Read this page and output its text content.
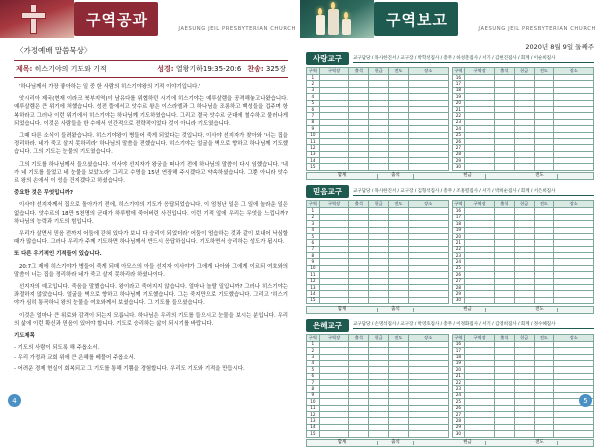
구역공과
JAESUNG JEIL PRESBYTERIAN CHURCH
〈가정예배 말씀묵상〉
제목: 히스기야의 기도와 기적	성경: 열왕기하19:35-20:6 찬송: 325장

'하나님께서 가장 좋아하는 일 중 한 사람의 히스기야왕의 기적 이야기입니다.'

앗시리아 제국(현재 이라크 북부지역)이 남유다를 위협하던 시기에 히스기야는 예루살렘을 공격해놓고나왔습니다. 예루살렘은 큰 위기에 처했습니다. 성전 뜰에서고 앗수르 왕은 이스라엘과 그 하나님을 조롱하고 백성들을 겁주며 항복하라고 그러나 이런 위기에서 히스기야는 하나님께 기도하였습니다. 그리고 결국 앗수르 군대에 철수하고 물러나게 되었습니다. 이것은 사람들을 한 수에서 인간적으로 전략적이었다 것이 아니라 기도였습니다.

그때 다른 소식이 들려왔습니다. 히스기야왕이 병들어 죽게 되었다는 것입니다. 이사야 선지자가 찾아와 '너는 집을 정리하라. 네가 죽고 살지 못하리라' 하나님의 말씀을 전했습니다. 히스기야는 얼굴을 벽으로 향하고 하나님께 기도했습니다. 그의 기도는 눈물의 기도였습니다.

그의 기도를 하나님께서 들으셨습니다. 이사야 선지자가 왕궁을 떠나기 전에 하나님의 말씀이 다시 임했습니다. '내가 네 기도를 들었고 네 눈물을 보았노라' 그리고 수명을 15년 연장해 주시겠다고 약속하셨습니다. 그뿐 아니라 앗수르 왕의 손에서 이 성을 건지겠다고 하셨습니다.

중요한 것은 무엇입니까?

이사야 선지자께서 집으로 돌아가기 전에, 히스기야의 기도가 응답되었습니다. 이 엄청난 일은 그 일에 놀라운 일은 없습니다. 앗수르의 18만 5천명의 군대가 하루밤에 죽어버린 사건입니다. 이런 기적 앞에 우리는 무엇을 느낍니까? 하나님의 능력과 기도의 힘입니다.

우리가 살면서 믿음 전까지 어둠에 갇혀 있다가 보니 다 승리이 되었더라' 어둠이 엄습하는 것과 같이 보내어 낙심할 때가 많습니다. 그러나 우리가 주께 기도하면 하나님께서 반드시 응답하십니다. 기도하면서 승리하는 성도가 됩시다.

또 다른 우기적인 기적들이 있습니다.

20:7그 제에 히스기야가 병들어 죽게 되매 아모스의 아들 선지자 이사야가 그에게 나아와 그에게 이르되 여호와의 말씀이 너는 집을 정리하라 네가 죽고 살지 못하리라 하셨나이다.

선지자의 예고입니다. 죽음을 말했습니다. 왕이라고 죽어지지 않습니다. 얼마나 놀랄 일입니까? 그러나 히스기야는 좌절하지 않았습니다. 얼굴을 벽으로 향하고 하나님께 기도했습니다. 그는 죽지만으로 기도했습니다. 그리고 '히스기야가 심히 통곡하니 왕의 눈물을 여호와께서 보셨습니다. 그 기도를 들으셨습니다.

이것은 얼마나 큰 위로와 감격이 되는지 모릅니다. 하나님은 우리의 기도를 들으시고 눈물을 보시는 분입니다. 우리의 삶에 이런 확신과 믿음이 있어야 합니다. 기도로 승리하는 삶이 되시기를 바랍니다.

기도제목

- 기도의 사람이 되도록 해 주옵소서.

- 우리 가정과 교회 위에 큰 은혜를 베풀어 주옵소서.

- 어려운 경제 현실이 회복되고 그 기도를 통해 기쁨을 경험합니다. 우리도 기도와 기적을 만듭시다.

4
구역보고
JAESUNG JEIL PRESBYTERIAN CHURCH
2020년 8월 9일 둘째주
사랑교구	교구담당 / 목사한진서 / 교구장 / 박학선집사 / 총무 / 하성춘집사 / 서기 / 김현진집사 / 회계 / 이순희집사
구역	구역장	출석	헌금	전도	장소
1					
2					
3					
4					
5					
6					
7					
8					
9					
10					
11					
12					
13					
14					
15					
구역	구역장	출석	헌금	전도	장소
16					
17					
18					
19					
20					
21					
22					
23					
24					
25					
26					
27					
28					
29					
30					
합계	출석	헌금	전도
믿음교구	교구담당 / 목사한진서 / 교구장 / 김형석집사 / 총무 / 조홍렬집사 / 서기 / 박희순집사 / 회계 / 서은희집사
구역	구역장	출석	헌금	전도	장소
1					
2					
3					
4					
5					
6					
7					
8					
9					
10					
11					
12					
13					
14					
15					
구역	구역장	출석	헌금	전도	장소
16					
17					
18					
19					
20					
21					
22					
23					
24					
25					
26					
27					
28					
29					
30					
합계	출석	헌금	전도
은혜교구	교구담당 / 손명석집사 / 교구장 / 박영호집사 / 총무 / 이정화집사 / 서기 / 김영희집사 / 회계 / 정수혜집사
구역	구역장	출석	헌금	전도	장소
1					
2					
3					
4					
5					
6					
7					
8					
9					
10					
11					
12					
13					
14					
15					
구역	구역장	출석	헌금	전도	장소
16					
17					
18					
19					
20					
21					
22					
23					
24					
25					
26					
27					
28					
29					
30					
합계	출석	헌금	전도
5
